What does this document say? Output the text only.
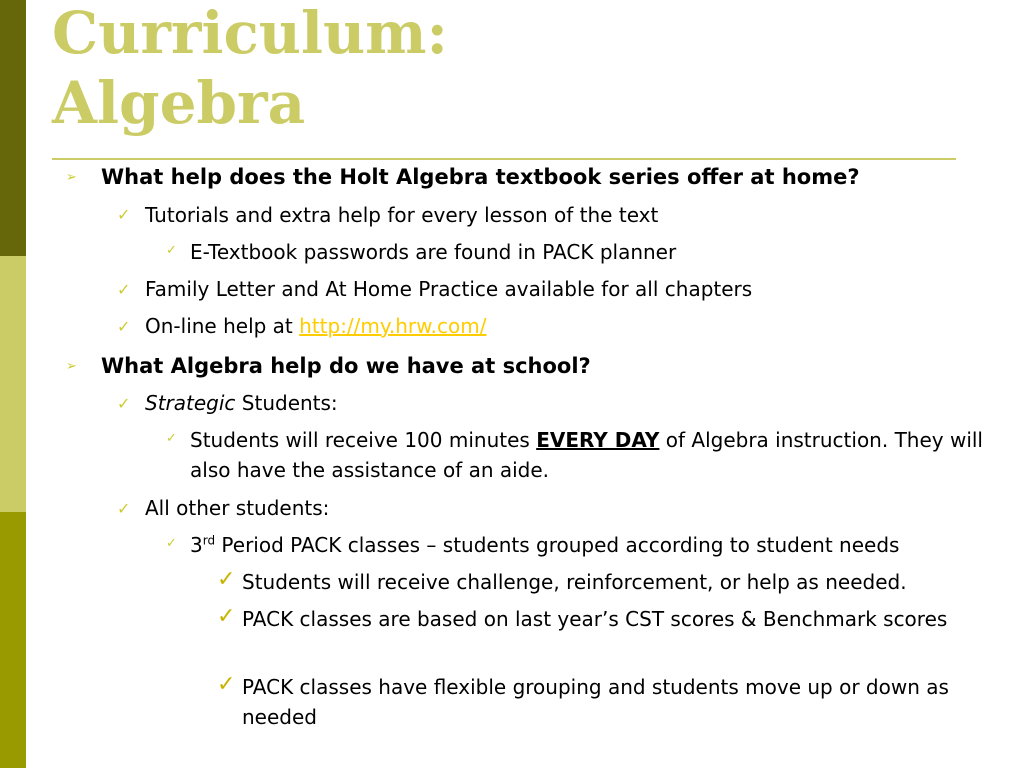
Curriculum:
Algebra
➢ What help does the Holt Algebra textbook series offer at home?
✓ Tutorials and extra help for every lesson of the text
✓ E-Textbook passwords are found in PACK planner
✓ Family Letter and At Home Practice available for all chapters
✓ On-line help at http://my.hrw.com/
➢ What Algebra help do we have at school?
✓ Strategic Students:
✓ Students will receive 100 minutes EVERY DAY of Algebra instruction. They will also have the assistance of an aide.
✓ All other students:
✓ 3rd Period PACK classes – students grouped according to student needs
✓ Students will receive challenge, reinforcement, or help as needed.
✓ PACK classes are based on last year’s CST scores & Benchmark scores
✓ PACK classes have flexible grouping and students move up or down as needed
